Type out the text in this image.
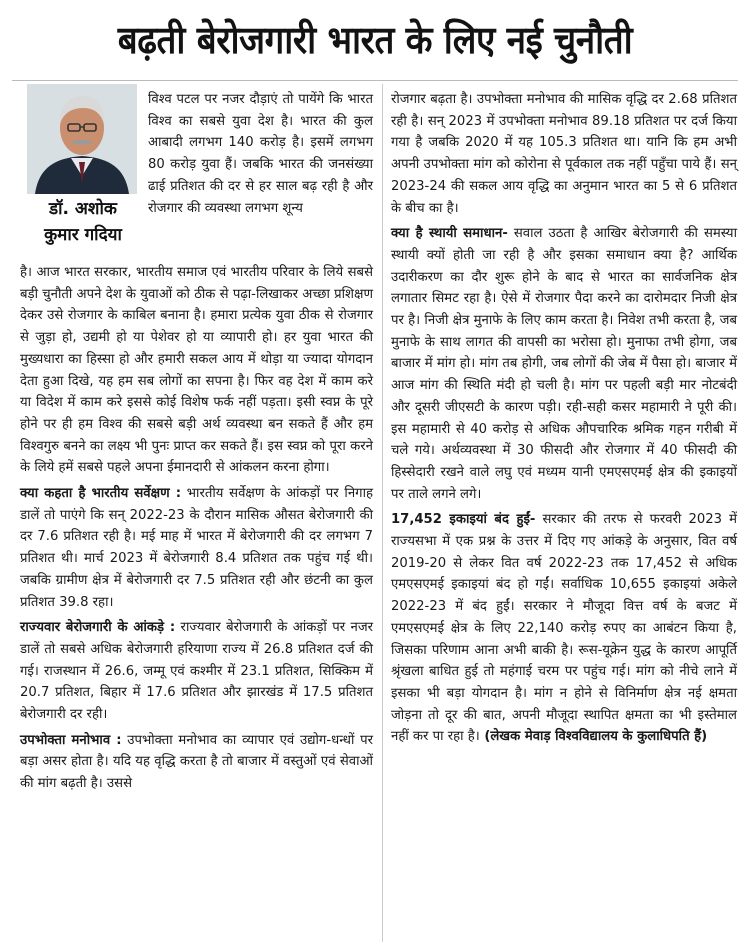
बढ़ती बेरोजगारी भारत के लिए नई चुनौती
डॉ. अशोक
कुमार गदिया

विश्व पटल पर नजर दौड़ाएं तो पायेंगे कि भारत विश्व का सबसे युवा देश है। भारत की कुल आबादी लगभग 140 करोड़ है। इसमें लगभग 80 करोड़ युवा हैं। जबकि भारत की जनसंख्या ढाई प्रतिशत की दर से हर साल बढ़ रही है और रोजगार की व्यवस्था लगभग शून्य

है। आज भारत सरकार, भारतीय समाज एवं भारतीय परिवार के लिये सबसे बड़ी चुनौती अपने देश के युवाओं को ठीक से पढ़ा-लिखाकर अच्छा प्रशिक्षण देकर उसे रोजगार के काबिल बनाना है। हमारा प्रत्येक युवा ठीक से रोजगार से जुड़ा हो, उद्यमी हो या पेशेवर हो या व्यापारी हो। हर युवा भारत की मुख्यधारा का हिस्सा हो और हमारी सकल आय में थोड़ा या ज्यादा योगदान देता हुआ दिखे, यह हम सब लोगों का सपना है। फिर वह देश में काम करे या विदेश में काम करे इससे कोई विशेष फर्क नहीं पड़ता। इसी स्वप्न के पूरे होने पर ही हम विश्व की सबसे बड़ी अर्थ व्यवस्था बन सकते हैं और हम विश्वगुरु बनने का लक्ष्य भी पुनः प्राप्त कर सकते हैं। इस स्वप्न को पूरा करने के लिये हमें सबसे पहले अपना ईमानदारी से आंकलन करना होगा।

क्या कहता है भारतीय सर्वेक्षण : भारतीय सर्वेक्षण के आंकड़ों पर निगाह डालें तो पाएंगे कि सन् 2022-23 के दौरान मासिक औसत बेरोजगारी की दर 7.6 प्रतिशत रही है। मई माह में भारत में बेरोजगारी की दर लगभग 7 प्रतिशत थी। मार्च 2023 में बेरोजगारी 8.4 प्रतिशत तक पहुंच गई थी। जबकि ग्रामीण क्षेत्र में बेरोजगारी दर 7.5 प्रतिशत रही और छंटनी का कुल प्रतिशत 39.8 रहा।

राज्यवार बेरोजगारी के आंकड़े : राज्यवार बेरोजगारी के आंकड़ों पर नजर डालें तो सबसे अधिक बेरोजगारी हरियाणा राज्य में 26.8 प्रतिशत दर्ज की गई। राजस्थान में 26.6, जम्मू एवं कश्मीर में 23.1 प्रतिशत, सिक्किम में 20.7 प्रतिशत, बिहार में 17.6 प्रतिशत और झारखंड में 17.5 प्रतिशत बेरोजगारी दर रही।

उपभोक्ता मनोभाव : उपभोक्ता मनोभाव का व्यापार एवं उद्योग-धन्धों पर बड़ा असर होता है। यदि यह वृद्धि करता है तो बाजार में वस्तुओं एवं सेवाओं की मांग बढ़ती है। उससे

रोजगार बढ़ता है। उपभोक्ता मनोभाव की मासिक वृद्धि दर 2.68 प्रतिशत रही है। सन् 2023 में उपभोक्ता मनोभाव 89.18 प्रतिशत पर दर्ज किया गया है जबकि 2020 में यह 105.3 प्रतिशत था। यानि कि हम अभी अपनी उपभोक्ता मांग को कोरोना से पूर्वकाल तक नहीं पहुँचा पाये हैं। सन् 2023-24 की सकल आय वृद्धि का अनुमान भारत का 5 से 6 प्रतिशत के बीच का है।

क्या है स्थायी समाधान- सवाल उठता है आखिर बेरोजगारी की समस्या स्थायी क्यों होती जा रही है और इसका समाधान क्या है? आर्थिक उदारीकरण का दौर शुरू होने के बाद से भारत का सार्वजनिक क्षेत्र लगातार सिमट रहा है। ऐसे में रोजगार पैदा करने का दारोमदार निजी क्षेत्र पर है। निजी क्षेत्र मुनाफे के लिए काम करता है। निवेश तभी करता है, जब मुनाफे के साथ लागत की वापसी का भरोसा हो। मुनाफा तभी होगा, जब बाजार में मांग हो। मांग तब होगी, जब लोगों की जेब में पैसा हो। बाजार में आज मांग की स्थिति मंदी हो चली है। मांग पर पहली बड़ी मार नोटबंदी और दूसरी जीएसटी के कारण पड़ी। रही-सही कसर महामारी ने पूरी की। इस महामारी से 40 करोड़ से अधिक औपचारिक श्रमिक गहन गरीबी में चले गये। अर्थव्यवस्था में 30 फीसदी और रोजगार में 40 फीसदी की हिस्सेदारी रखने वाले लघु एवं मध्यम यानी एमएसएमई क्षेत्र की इकाइयों पर ताले लगने लगे।

17,452 इकाइयां बंद हुईं- सरकार की तरफ से फरवरी 2023 में राज्यसभा में एक प्रश्न के उत्तर में दिए गए आंकड़े के अनुसार, वित वर्ष 2019-20 से लेकर वित वर्ष 2022-23 तक 17,452 से अधिक एमएसएमई इकाइयां बंद हो गईं। सर्वाधिक 10,655 इकाइयां अकेले 2022-23 में बंद हुईं। सरकार ने मौजूदा वित्त वर्ष के बजट में एमएसएमई क्षेत्र के लिए 22,140 करोड़ रुपए का आबंटन किया है, जिसका परिणाम आना अभी बाकी है। रूस-यूक्रेन युद्ध के कारण आपूर्ति श्रृंखला बाधित हुई तो महंगाई चरम पर पहुंच गई। मांग को नीचे लाने में इसका भी बड़ा योगदान है। मांग न होने से विनिर्माण क्षेत्र नई क्षमता जोड़ना तो दूर की बात, अपनी मौजूदा स्थापित क्षमता का भी इस्तेमाल नहीं कर पा रहा है। (लेखक मेवाड़ विश्वविद्यालय के कुलाधिपति हैं)
